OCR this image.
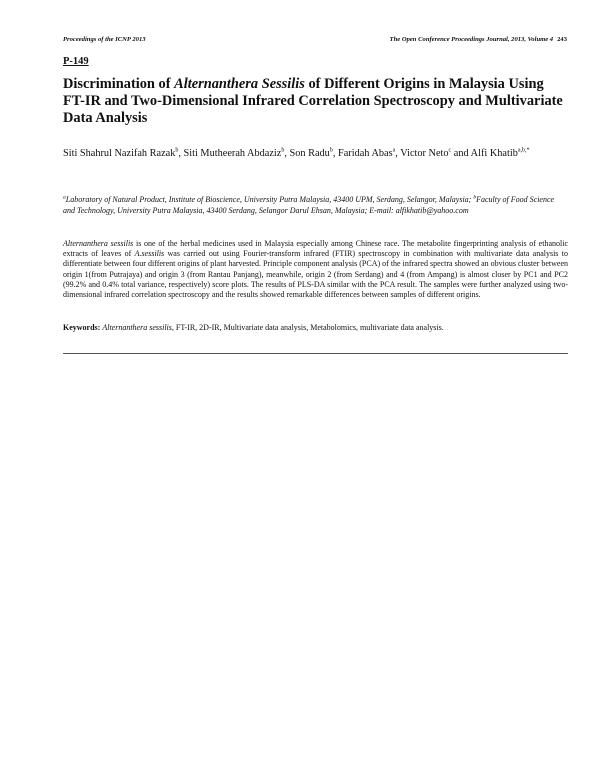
Proceedings of the ICNP 2013	The Open Conference Proceedings Journal, 2013, Volume 4 243
P-149
Discrimination of Alternanthera Sessilis of Different Origins in Malaysia Using FT-IR and Two-Dimensional Infrared Correlation Spectroscopy and Multivariate Data Analysis
Siti Shahrul Nazifah Razak$^b$, Siti Mutheerah Abdaziz$^b$, Son Radu$^b$, Faridah Abas$^a$, Victor Neto$^c$ and Alfi Khatib$^{a,b,*}$
$^a$Laboratory of Natural Product, Institute of Bioscience, University Putra Malaysia, 43400 UPM, Serdang, Selangor, Malaysia; $^b$Faculty of Food Science and Technology, University Putra Malaysia, 43400 Serdang, Selangor Darul Ehsan, Malaysia; E-mail: alfikhatib@yahoo.com

Alternanthera sessilis is one of the herbal medicines used in Malaysia especially among Chinese race. The metabolite fingerprinting analysis of ethanolic extracts of leaves of A.sessilis was carried out using Fourier-transform infrared (FTIR) spectroscopy in combination with multivariate data analysis to differentiate between four different origins of plant harvested. Principle component analysis (PCA) of the infrared spectra showed an obvious cluster between origin 1(from Putrajaya) and origin 3 (from Rantau Panjang), meanwhile, origin 2 (from Serdang) and 4 (from Ampang) is almost closer by PC1 and PC2 (99.2% and 0.4% total variance, respectively) score plots. The results of PLS-DA similar with the PCA result. The samples were further analyzed using two-dimensional infrared correlation spectroscopy and the results showed remarkable differences between samples of different origins.

Keywords: Alternanthera sessilis, FT-IR, 2D-IR, Multivariate data analysis, Metabolomics, multivariate data analysis.
